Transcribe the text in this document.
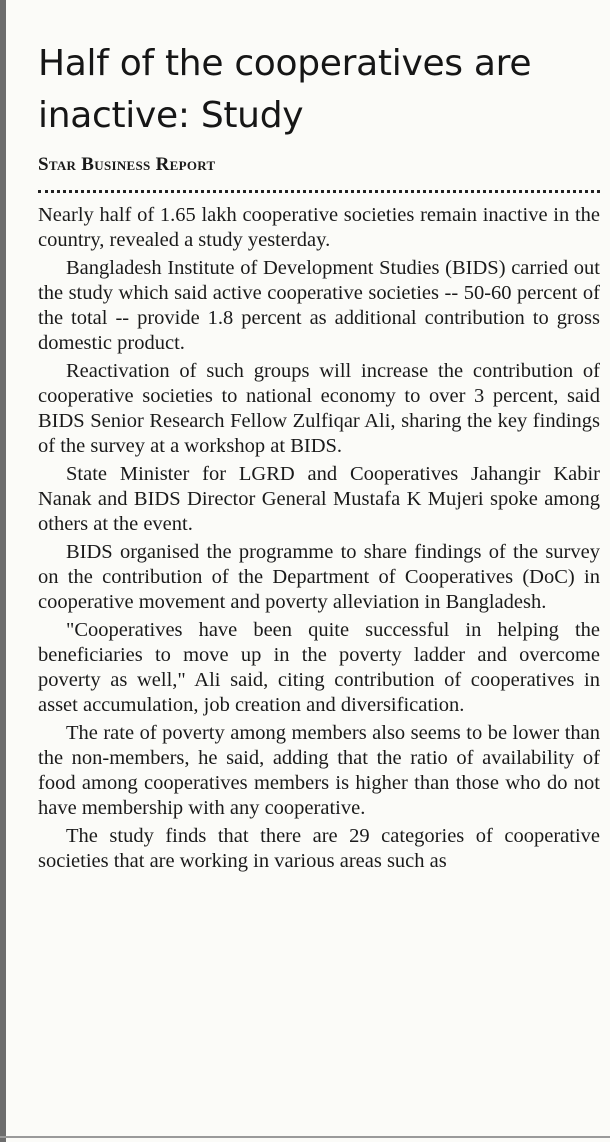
Half of the cooperatives are inactive: Study
Star Business Report

Nearly half of 1.65 lakh cooperative societies remain inactive in the country, revealed a study yesterday.

Bangladesh Institute of Development Studies (BIDS) carried out the study which said active cooperative societies -- 50-60 percent of the total -- provide 1.8 percent as additional contribution to gross domestic product.

Reactivation of such groups will increase the contribution of cooperative societies to national economy to over 3 percent, said BIDS Senior Research Fellow Zulfiqar Ali, sharing the key findings of the survey at a workshop at BIDS.

State Minister for LGRD and Cooperatives Jahangir Kabir Nanak and BIDS Director General Mustafa K Mujeri spoke among others at the event.

BIDS organised the programme to share findings of the survey on the contribution of the Department of Cooperatives (DoC) in cooperative movement and poverty alleviation in Bangladesh.

"Cooperatives have been quite successful in helping the beneficiaries to move up in the poverty ladder and overcome poverty as well," Ali said, citing contribution of cooperatives in asset accumulation, job creation and diversification.

The rate of poverty among members also seems to be lower than the non-members, he said, adding that the ratio of availability of food among cooperatives members is higher than those who do not have membership with any cooperative.

The study finds that there are 29 categories of cooperative societies that are working in various areas such as
